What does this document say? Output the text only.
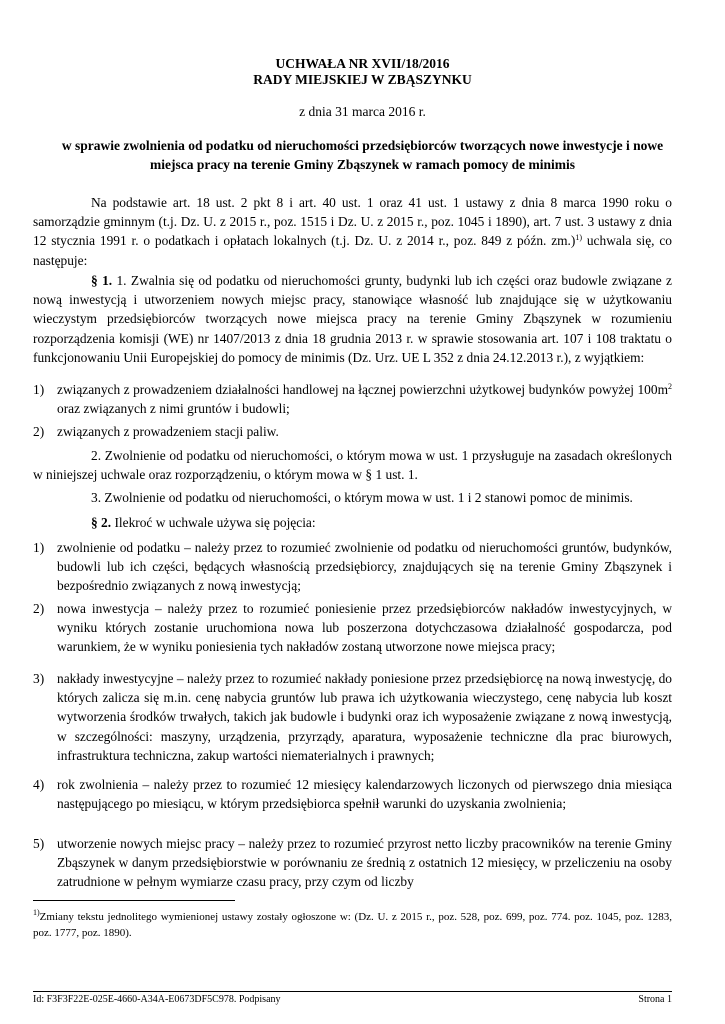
UCHWAŁA NR XVII/18/2016
RADY MIEJSKIEJ W ZBĄSZYNKU
z dnia 31 marca 2016 r.
w sprawie zwolnienia od podatku od nieruchomości przedsiębiorców tworzących nowe inwestycje i nowe miejsca pracy na terenie Gminy Zbąszynek w ramach pomocy de minimis
Na podstawie art. 18 ust. 2 pkt 8 i art. 40 ust. 1 oraz 41 ust. 1 ustawy z dnia 8 marca 1990 roku o samorządzie gminnym (t.j. Dz. U. z 2015 r., poz. 1515 i Dz. U. z 2015 r., poz. 1045 i 1890), art. 7 ust. 3 ustawy z dnia 12 stycznia 1991 r. o podatkach i opłatach lokalnych (t.j. Dz. U. z 2014 r., poz. 849 z późn. zm.)$^{1)}$ uchwala się, co następuje:
§ 1. 1. Zwalnia się od podatku od nieruchomości grunty, budynki lub ich części oraz budowle związane z nową inwestycją i utworzeniem nowych miejsc pracy, stanowiące własność lub znajdujące się w użytkowaniu wieczystym przedsiębiorców tworzących nowe miejsca pracy na terenie Gminy Zbąszynek w rozumieniu rozporządzenia komisji (WE) nr 1407/2013 z dnia 18 grudnia 2013 r. w sprawie stosowania art. 107 i 108 traktatu o funkcjonowaniu Unii Europejskiej do pomocy de minimis (Dz. Urz. UE L 352 z dnia 24.12.2013 r.), z wyjątkiem:
1) związanych z prowadzeniem działalności handlowej na łącznej powierzchni użytkowej budynków powyżej $100m^2$ oraz związanych z nimi gruntów i budowli;
2) związanych z prowadzeniem stacji paliw.
2. Zwolnienie od podatku od nieruchomości, o którym mowa w ust. 1 przysługuje na zasadach określonych w niniejszej uchwale oraz rozporządzeniu, o którym mowa w § 1 ust. 1.
3. Zwolnienie od podatku od nieruchomości, o którym mowa w ust. 1 i 2 stanowi pomoc de minimis.
§ 2. Ilekroć w uchwale używa się pojęcia:
1) zwolnienie od podatku – należy przez to rozumieć zwolnienie od podatku od nieruchomości gruntów, budynków, budowli lub ich części, będących własnością przedsiębiorcy, znajdujących się na terenie Gminy Zbąszynek i bezpośrednio związanych z nową inwestycją;
2) nowa inwestycja – należy przez to rozumieć poniesienie przez przedsiębiorców nakładów inwestycyjnych, w wyniku których zostanie uruchomiona nowa lub poszerzona dotychczasowa działalność gospodarcza, pod warunkiem, że w wyniku poniesienia tych nakładów zostaną utworzone nowe miejsca pracy;
3) nakłady inwestycyjne – należy przez to rozumieć nakłady poniesione przez przedsiębiorcę na nową inwestycję, do których zalicza się m.in. cenę nabycia gruntów lub prawa ich użytkowania wieczystego, cenę nabycia lub koszt wytworzenia środków trwałych, takich jak budowle i budynki oraz ich wyposażenie związane z nową inwestycją, w szczególności: maszyny, urządzenia, przyrządy, aparatura, wyposażenie techniczne dla prac biurowych, infrastruktura techniczna, zakup wartości niematerialnych i prawnych;
4) rok zwolnienia – należy przez to rozumieć 12 miesięcy kalendarzowych liczonych od pierwszego dnia miesiąca następującego po miesiącu, w którym przedsiębiorca spełnił warunki do uzyskania zwolnienia;
5) utworzenie nowych miejsc pracy – należy przez to rozumieć przyrost netto liczby pracowników na terenie Gminy Zbąszynek w danym przedsiębiorstwie w porównaniu ze średnią z ostatnich 12 miesięcy, w przeliczeniu na osoby zatrudnione w pełnym wymiarze czasu pracy, przy czym od liczby
$^{1)}$Zmiany tekstu jednolitego wymienionej ustawy zostały ogłoszone w: (Dz. U. z 2015 r., poz. 528, poz. 699, poz. 774. poz. 1045, poz. 1283, poz. 1777, poz. 1890).
Id: F3F3F22E-025E-4660-A34A-E0673DF5C978. Podpisany	Strona 1
